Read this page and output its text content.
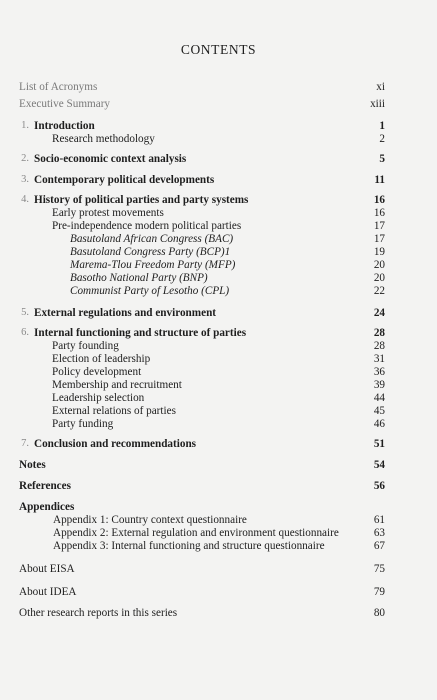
CONTENTS
List of Acronyms	xi
Executive Summary	xiii
1. Introduction	1
Research methodology	2
2. Socio-economic context analysis	5
3. Contemporary political developments	11
4. History of political parties and party systems	16
Early protest movements	16
Pre-independence modern political parties	17
Basutoland African Congress (BAC)	17
Basutoland Congress Party (BCP)1	19
Marema-Tlou Freedom Party (MFP)	20
Basotho National Party (BNP)	20
Communist Party of Lesotho (CPL)	22
5. External regulations and environment	24
6. Internal functioning and structure of parties	28
Party founding	28
Election of leadership	31
Policy development	36
Membership and recruitment	39
Leadership selection	44
External relations of parties	45
Party funding	46
7. Conclusion and recommendations	51
Notes	54
References	56
Appendices
Appendix 1: Country context questionnaire	61
Appendix 2: External regulation and environment questionnaire	63
Appendix 3: Internal functioning and structure questionnaire	67
About EISA	75
About IDEA	79
Other research reports in this series	80
